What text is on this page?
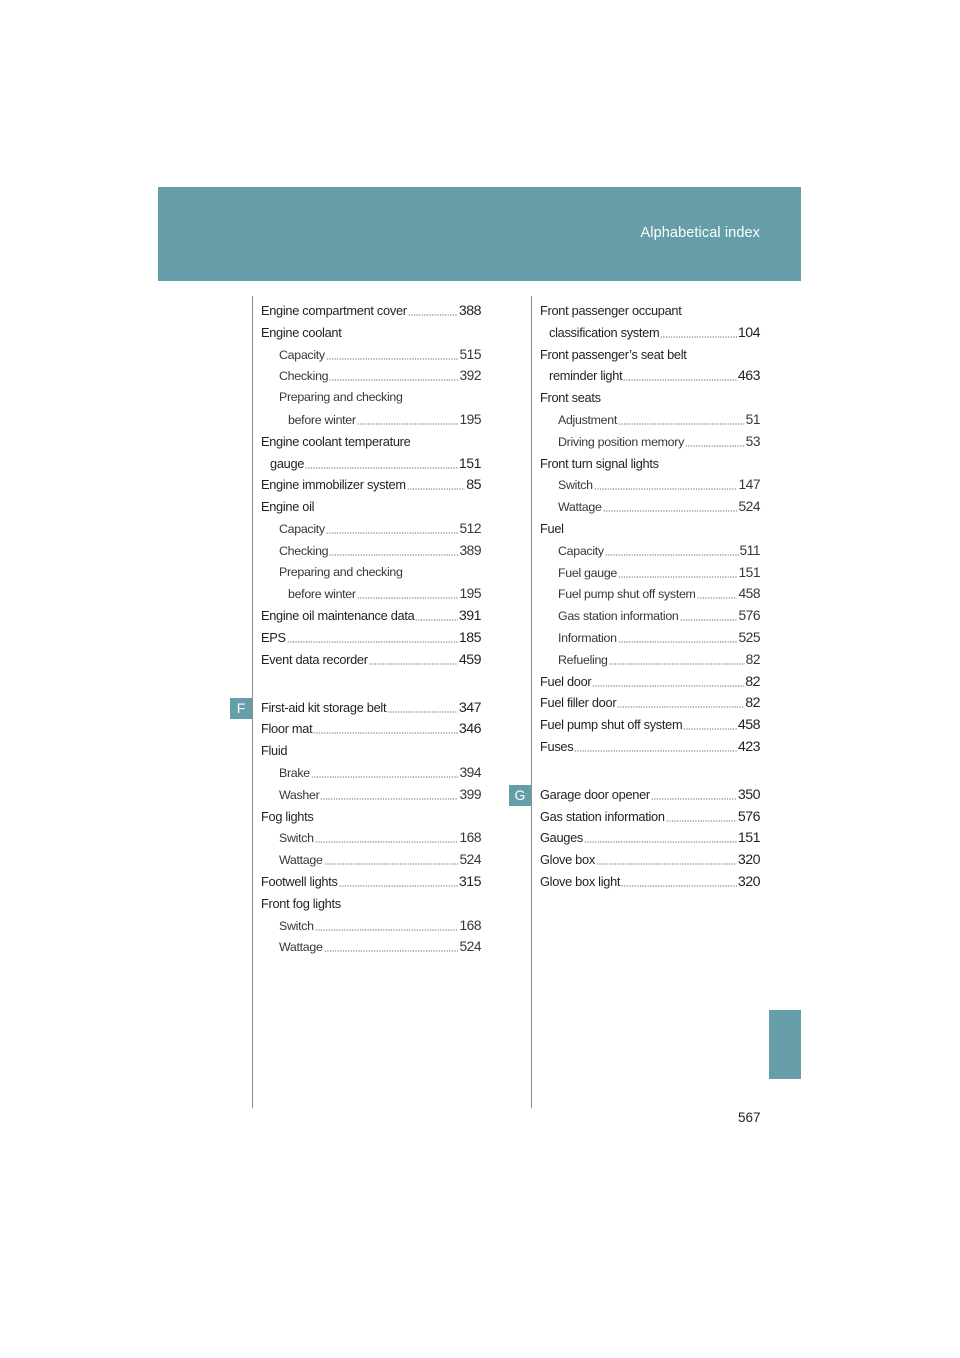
Alphabetical index
F
G
Engine compartment cover	388
Engine coolant
Capacity	515
Checking	392
Preparing and checking
before winter	195
Engine coolant temperature
gauge	151
Engine immobilizer system	85
Engine oil
Capacity	512
Checking	389
Preparing and checking
before winter	195
Engine oil maintenance data	391
EPS	185
Event data recorder	459
First-aid kit storage belt	347
Floor mat	346
Fluid
Brake	394
Washer	399
Fog lights
Switch	168
Wattage	524
Footwell lights	315
Front fog lights
Switch	168
Wattage	524
Front passenger occupant
classification system	104
Front passenger’s seat belt
reminder light	463
Front seats
Adjustment	51
Driving position memory	53
Front turn signal lights
Switch	147
Wattage	524
Fuel
Capacity	511
Fuel gauge	151
Fuel pump shut off system	458
Gas station information	576
Information	525
Refueling	82
Fuel door	82
Fuel filler door	82
Fuel pump shut off system	458
Fuses	423
Garage door opener	350
Gas station information	576
Gauges	151
Glove box	320
Glove box light	320
567
